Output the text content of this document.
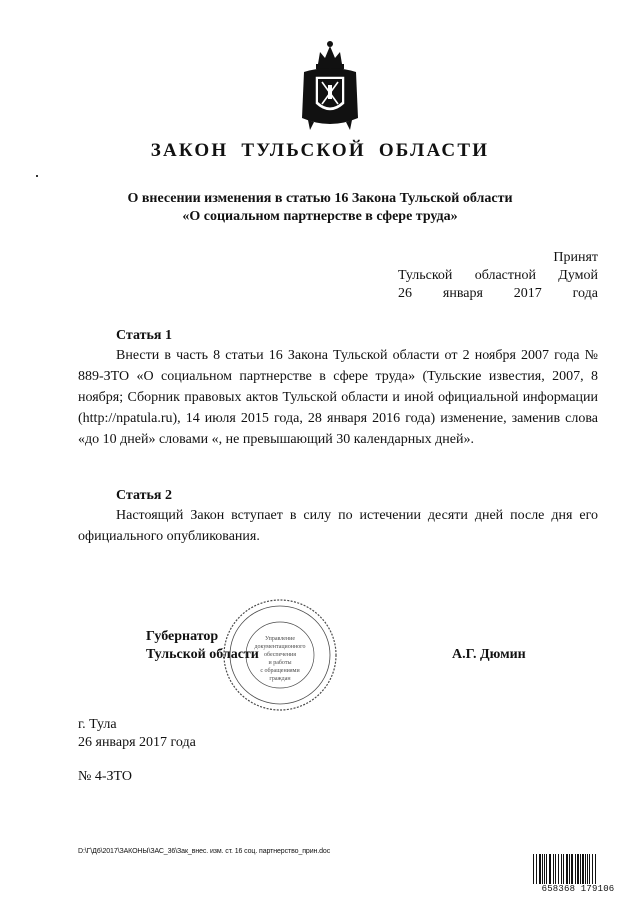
ЗАКОН ТУЛЬСКОЙ ОБЛАСТИ
О внесении изменения в статью 16 Закона Тульской области
«О социальном партнерстве в сфере труда»
Принят
Тульской областной Думой
26 января 2017 года
Статья 1
Внести в часть 8 статьи 16 Закона Тульской области от 2 ноября 2007 года № 889-ЗТО «О социальном партнерстве в сфере труда» (Тульские известия, 2007, 8 ноября; Сборник правовых актов Тульской области и иной официальной информации (http://npatula.ru), 14 июля 2015 года, 28 января 2016 года) изменение, заменив слова «до 10 дней» словами «, не превышающий 30 календарных дней».
Статья 2
Настоящий Закон вступает в силу по истечении десяти дней после дня его официального опубликования.
Управление
документационного
обеспечения
и работы
с обращениями
граждан
Губернатор
Тульской области	А.Г. Дюмин
г. Тула
26 января 2017 года
№ 4-ЗТО
D:\Г\Д6\2017\ЗАКОНЫ\ЗАС_36\Зак_внес. изм. ст. 16 соц. партнерство_прин.doc
658368 179106
